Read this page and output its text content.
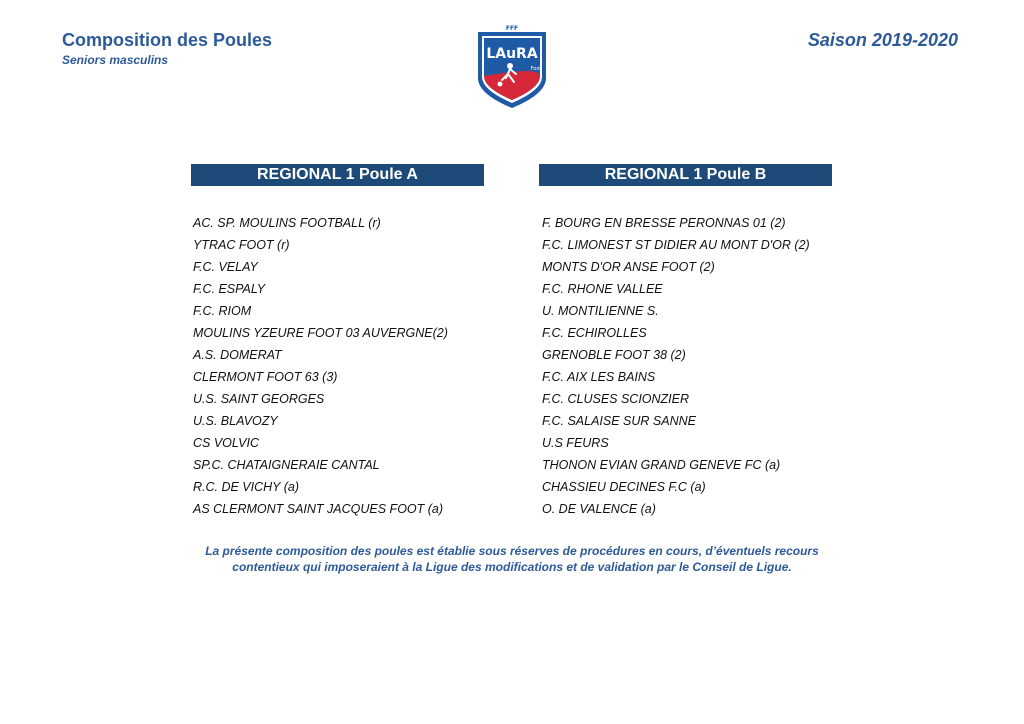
Composition des Poules
Seniors masculins
Saison 2019-2020
FFF
LAuRA
Foot
REGIONAL 1 Poule A	REGIONAL 1 Poule B
AC. SP. MOULINS FOOTBALL (r)
YTRAC FOOT (r)
F.C. VELAY
F.C. ESPALY
F.C. RIOM
MOULINS YZEURE FOOT 03 AUVERGNE(2)
A.S. DOMERAT
CLERMONT FOOT 63 (3)
U.S. SAINT GEORGES
U.S. BLAVOZY
CS VOLVIC
SP.C. CHATAIGNERAIE CANTAL
R.C. DE VICHY (a)
AS CLERMONT SAINT JACQUES FOOT (a)
F. BOURG EN BRESSE PERONNAS 01 (2)
F.C. LIMONEST ST DIDIER AU MONT D'OR (2)
MONTS D'OR ANSE FOOT (2)
F.C. RHONE VALLEE
U. MONTILIENNE S.
F.C. ECHIROLLES
GRENOBLE FOOT 38 (2)
F.C. AIX LES BAINS
F.C. CLUSES SCIONZIER
F.C. SALAISE SUR SANNE
U.S FEURS
THONON EVIAN GRAND GENEVE FC (a)
CHASSIEU DECINES F.C (a)
O. DE VALENCE (a)
La présente composition des poules est établie sous réserves de procédures en cours, d’éventuels recours contentieux qui imposeraient à la Ligue des modifications et de validation par le Conseil de Ligue.
